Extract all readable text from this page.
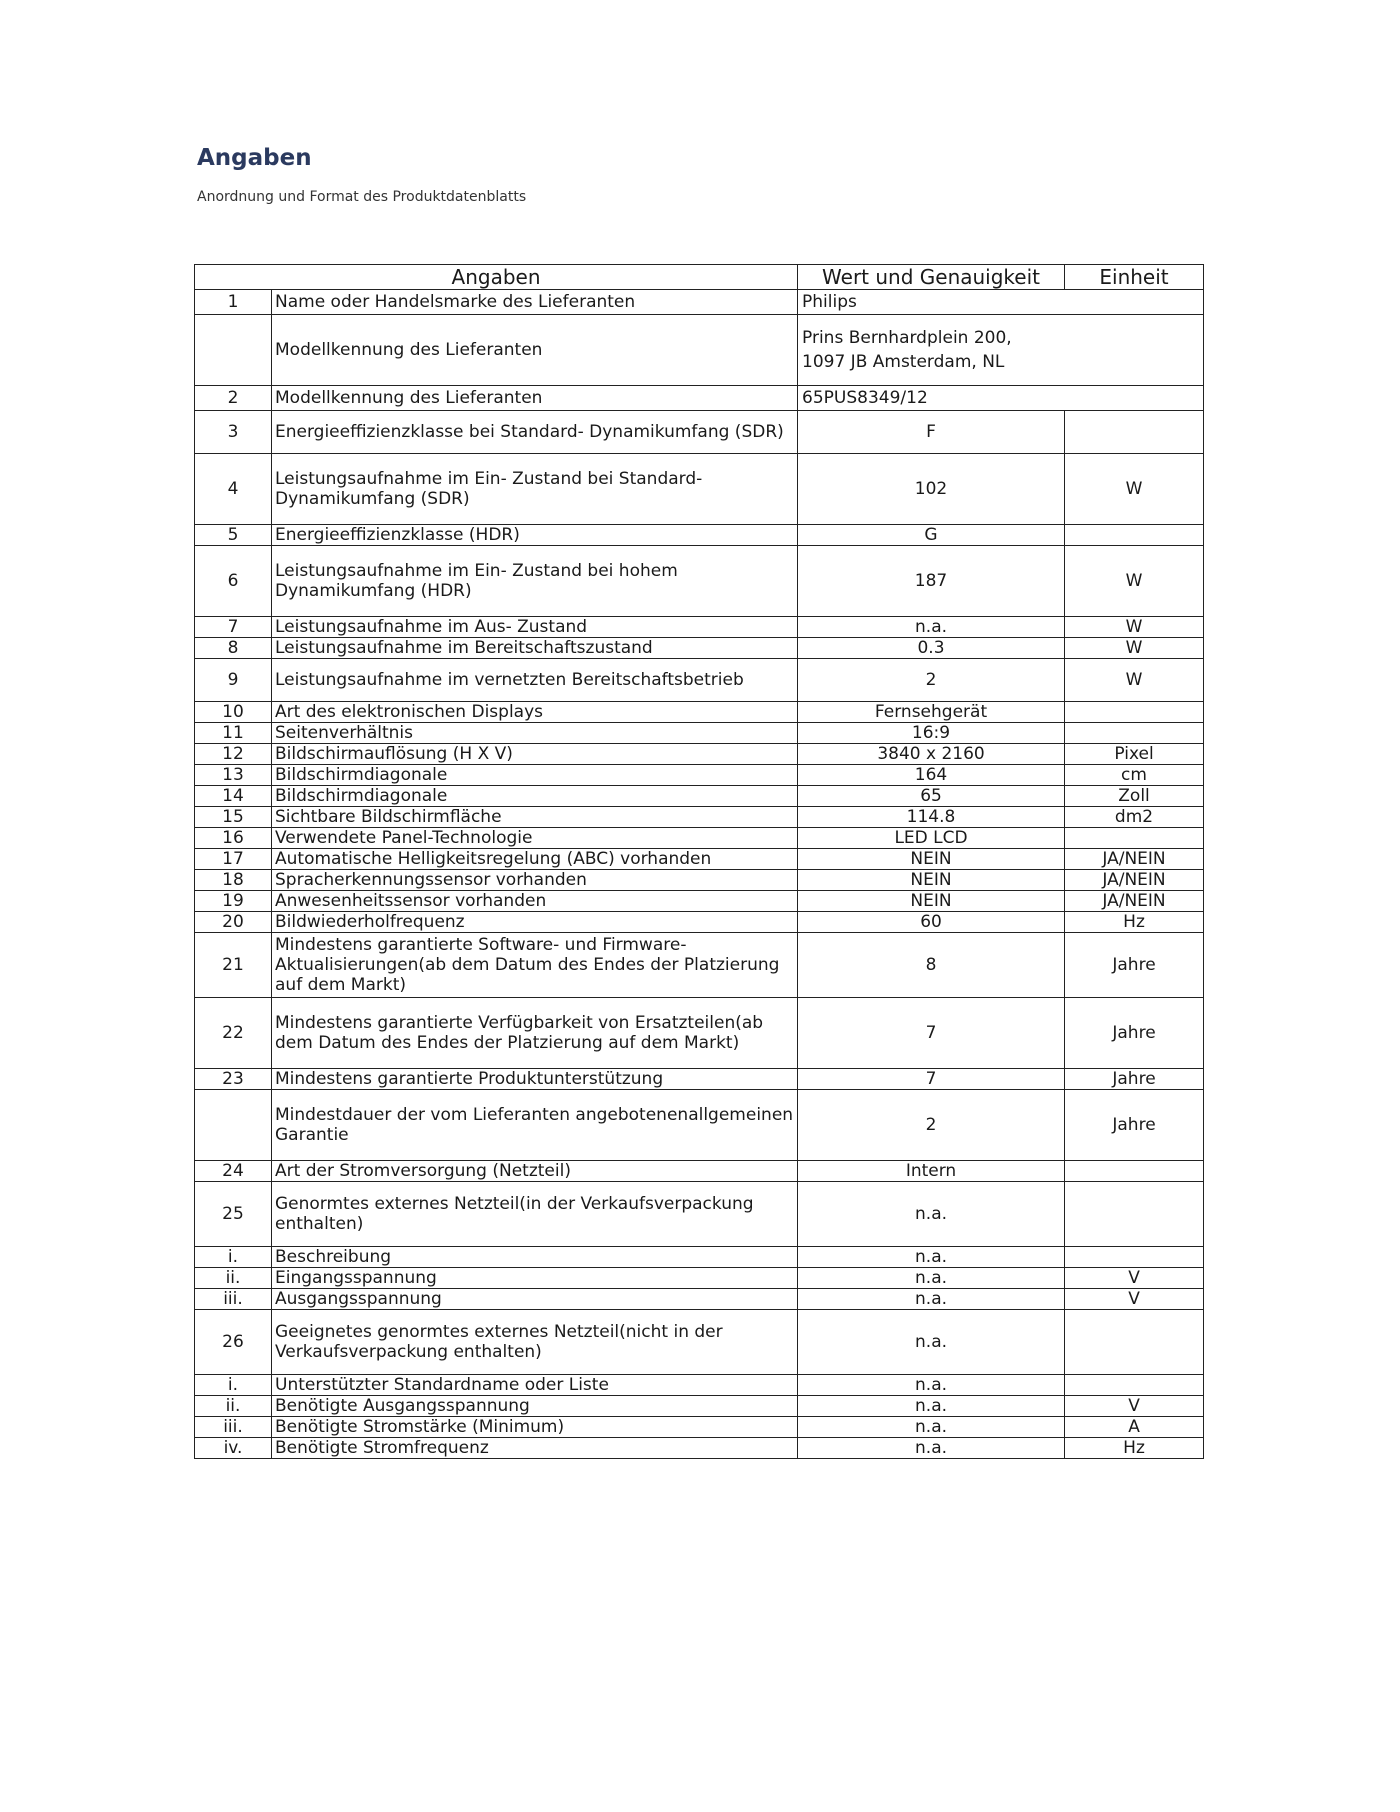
Angaben
Anordnung und Format des Produktdatenblatts
Angaben		Wert und Genauigkeit	Einheit
1	Name oder Handelsmarke des Lieferanten	Philips	
	Modellkennung des Lieferanten	Prins Bernhardplein 200,
1097 JB Amsterdam, NL	
2	Modellkennung des Lieferanten	65PUS8349/12	
3	Energieeffizienzklasse bei Standard- Dynamikumfang (SDR)	F	
4	Leistungsaufnahme im Ein- Zustand bei Standard-Dynamikumfang (SDR)	102	W
5	Energieeffizienzklasse (HDR)	G	
6	Leistungsaufnahme im Ein- Zustand bei hohem Dynamikumfang (HDR)	187	W
7	Leistungsaufnahme im Aus- Zustand	n.a.	W
8	Leistungsaufnahme im Bereitschaftszustand	0.3	W
9	Leistungsaufnahme im vernetzten Bereitschaftsbetrieb	2	W
10	Art des elektronischen Displays	Fernsehgerät	
11	Seitenverhältnis	16:9	
12	Bildschirmauflösung (H X V)	3840 x 2160	Pixel
13	Bildschirmdiagonale	164	cm
14	Bildschirmdiagonale	65	Zoll
15	Sichtbare Bildschirmfläche	114.8	dm2
16	Verwendete Panel-Technologie	LED LCD	
17	Automatische Helligkeitsregelung (ABC) vorhanden	NEIN	JA/NEIN
18	Spracherkennungssensor vorhanden	NEIN	JA/NEIN
19	Anwesenheitssensor vorhanden	NEIN	JA/NEIN
20	Bildwiederholfrequenz	60	Hz
21	Mindestens garantierte Software- und Firmware-Aktualisierungen(ab dem Datum des Endes der Platzierung auf dem Markt)	8	Jahre
22	Mindestens garantierte Verfügbarkeit von Ersatzteilen(ab dem Datum des Endes der Platzierung auf dem Markt)	7	Jahre
23	Mindestens garantierte Produktunterstützung	7	Jahre
	Mindestdauer der vom Lieferanten angebotenenallgemeinen Garantie	2	Jahre
24	Art der Stromversorgung (Netzteil)	Intern	
25	Genormtes externes Netzteil(in der Verkaufsverpackung enthalten)	n.a.	
i.	Beschreibung	n.a.	
ii.	Eingangsspannung	n.a.	V
iii.	Ausgangsspannung	n.a.	V
26	Geeignetes genormtes externes Netzteil(nicht in der Verkaufsverpackung enthalten)	n.a.	
i.	Unterstützter Standardname oder Liste	n.a.	
ii.	Benötigte Ausgangsspannung	n.a.	V
iii.	Benötigte Stromstärke (Minimum)	n.a.	A
iv.	Benötigte Stromfrequenz	n.a.	Hz
